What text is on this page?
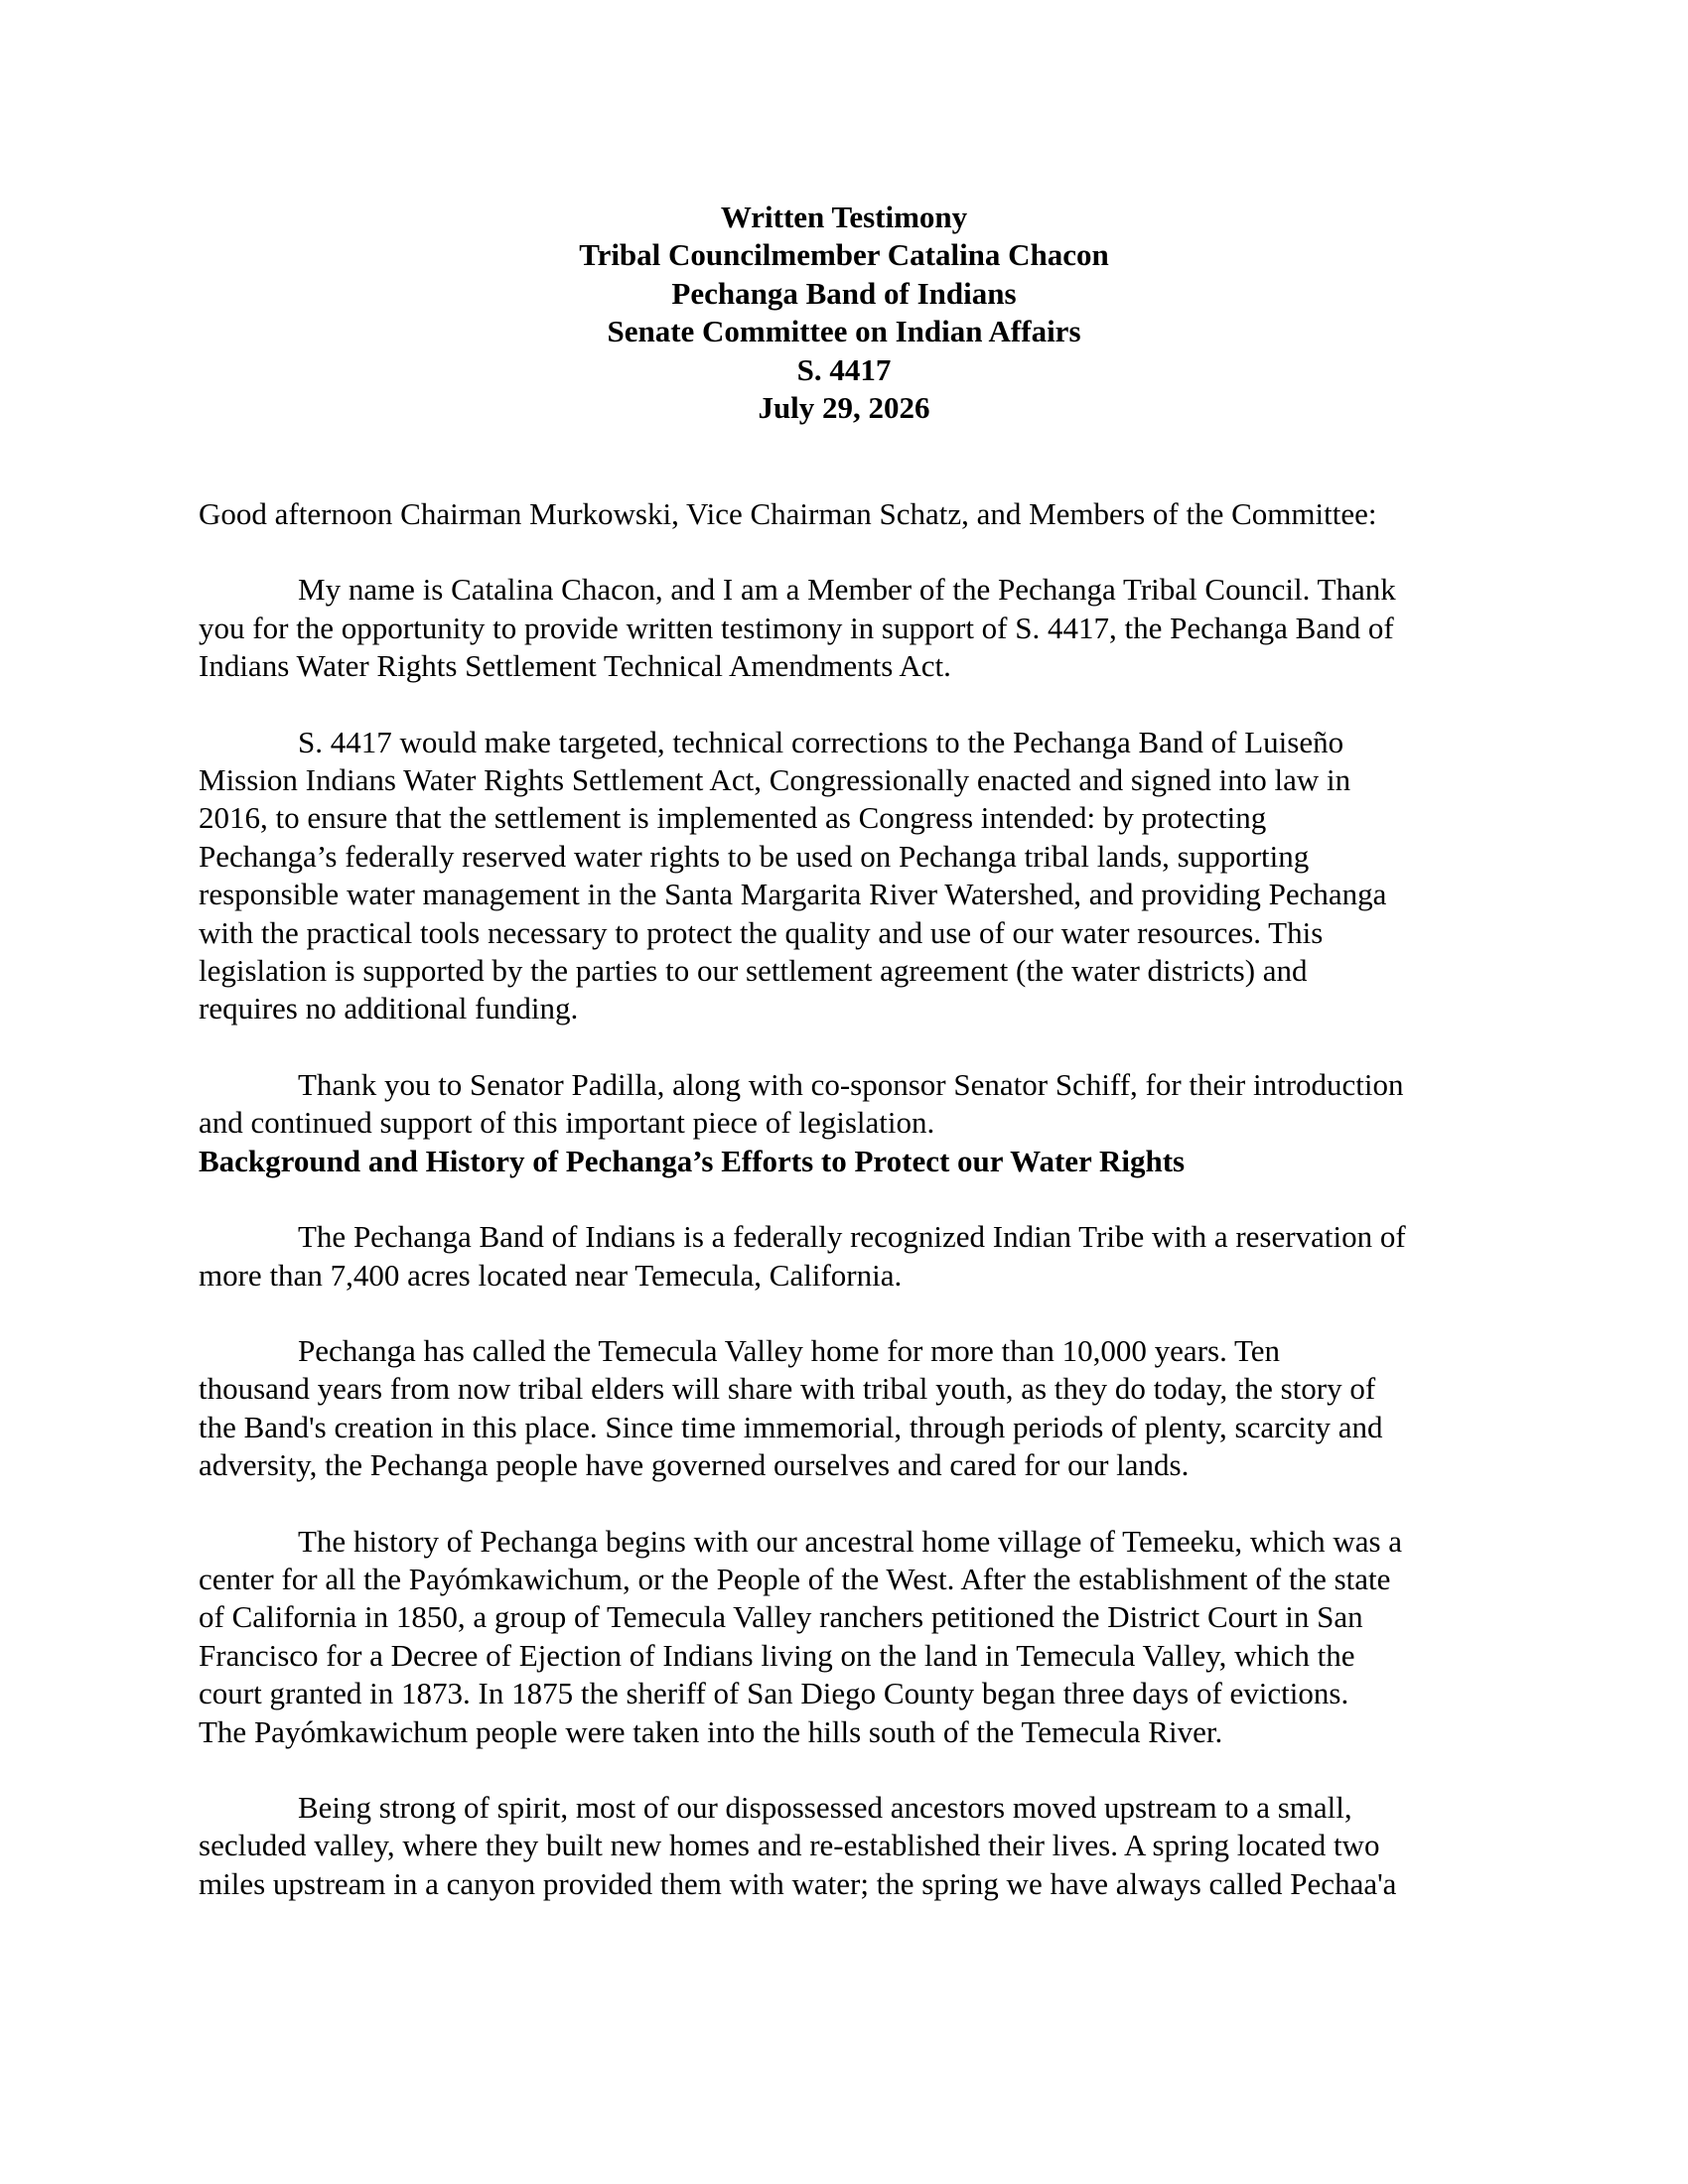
Written Testimony
Tribal Councilmember Catalina Chacon
Pechanga Band of Indians
Senate Committee on Indian Affairs
S. 4417
July 29, 2026

Good afternoon Chairman Murkowski, Vice Chairman Schatz, and Members of the Committee:

My name is Catalina Chacon, and I am a Member of the Pechanga Tribal Council. Thank
you for the opportunity to provide written testimony in support of S. 4417, the Pechanga Band of
Indians Water Rights Settlement Technical Amendments Act.

S. 4417 would make targeted, technical corrections to the Pechanga Band of Luiseño
Mission Indians Water Rights Settlement Act, Congressionally enacted and signed into law in
2016, to ensure that the settlement is implemented as Congress intended: by protecting
Pechanga’s federally reserved water rights to be used on Pechanga tribal lands, supporting
responsible water management in the Santa Margarita River Watershed, and providing Pechanga
with the practical tools necessary to protect the quality and use of our water resources. This
legislation is supported by the parties to our settlement agreement (the water districts) and
requires no additional funding.

Thank you to Senator Padilla, along with co-sponsor Senator Schiff, for their introduction
and continued support of this important piece of legislation.

Background and History of Pechanga’s Efforts to Protect our Water Rights

The Pechanga Band of Indians is a federally recognized Indian Tribe with a reservation of
more than 7,400 acres located near Temecula, California.

Pechanga has called the Temecula Valley home for more than 10,000 years. Ten
thousand years from now tribal elders will share with tribal youth, as they do today, the story of
the Band's creation in this place. Since time immemorial, through periods of plenty, scarcity and
adversity, the Pechanga people have governed ourselves and cared for our lands.

The history of Pechanga begins with our ancestral home village of Temeeku, which was a
center for all the Payómkawichum, or the People of the West. After the establishment of the state
of California in 1850, a group of Temecula Valley ranchers petitioned the District Court in San
Francisco for a Decree of Ejection of Indians living on the land in Temecula Valley, which the
court granted in 1873. In 1875 the sheriff of San Diego County began three days of evictions.
The Payómkawichum people were taken into the hills south of the Temecula River.

Being strong of spirit, most of our dispossessed ancestors moved upstream to a small,
secluded valley, where they built new homes and re-established their lives. A spring located two
miles upstream in a canyon provided them with water; the spring we have always called Pechaa'a
